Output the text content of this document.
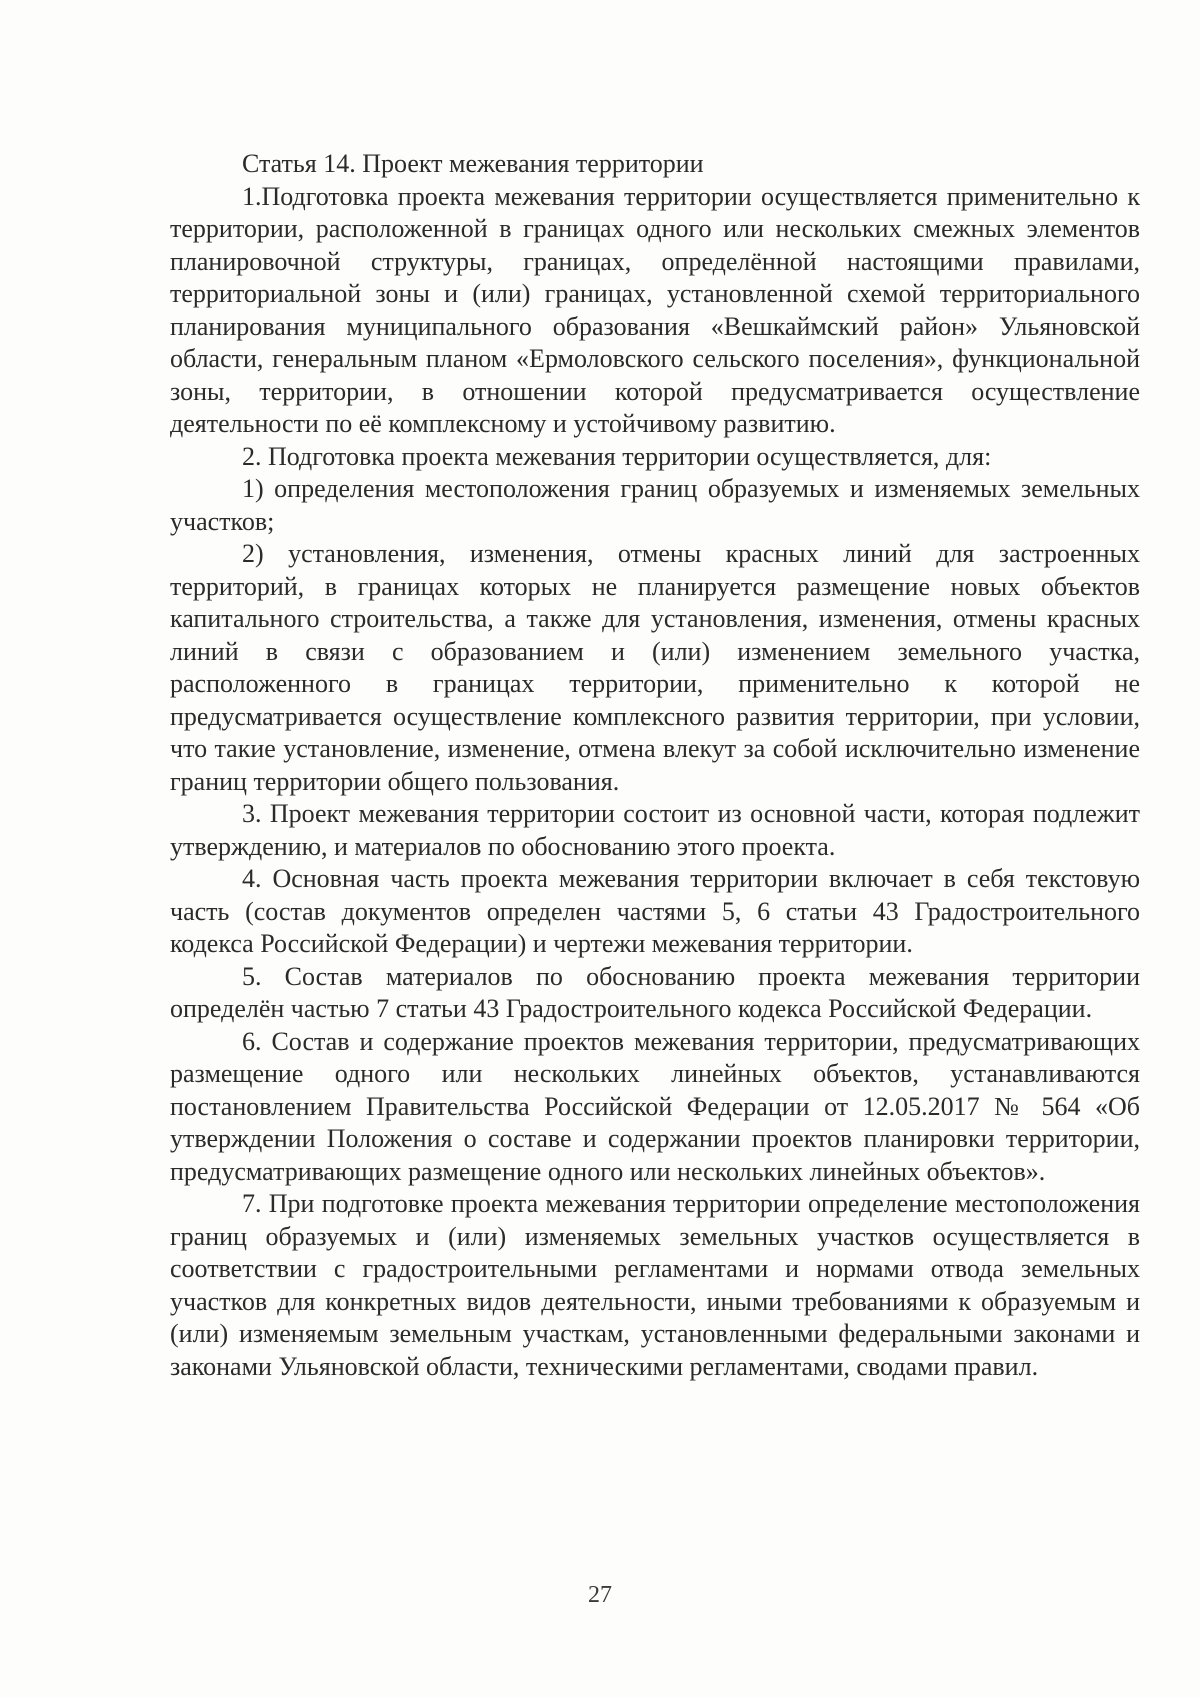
Статья 14. Проект межевания территории

1.Подготовка проекта межевания территории осуществляется применительно к территории, расположенной в границах одного или нескольких смежных элементов планировочной структуры, границах, определённой настоящими правилами, территориальной зоны и (или) границах, установленной схемой территориального планирования муниципального образования «Вешкаймский район» Ульяновской области, генеральным планом «Ермоловского сельского поселения», функциональной зоны, территории, в отношении которой предусматривается осуществление деятельности по её комплексному и устойчивому развитию.

2. Подготовка проекта межевания территории осуществляется, для:

1) определения местоположения границ образуемых и изменяемых земельных участков;

2) установления, изменения, отмены красных линий для застроенных территорий, в границах которых не планируется размещение новых объектов капитального строительства, а также для установления, изменения, отмены красных линий в связи с образованием и (или) изменением земельного участка, расположенного в границах территории, применительно к которой не предусматривается осуществление комплексного развития территории, при условии, что такие установление, изменение, отмена влекут за собой исключительно изменение границ территории общего пользования.

3. Проект межевания территории состоит из основной части, которая подлежит утверждению, и материалов по обоснованию этого проекта.

4. Основная часть проекта межевания территории включает в себя текстовую часть (состав документов определен частями 5, 6 статьи 43 Градостроительного кодекса Российской Федерации) и чертежи межевания территории.

5. Состав материалов по обоснованию проекта межевания территории определён частью 7 статьи 43 Градостроительного кодекса Российской Федерации.

6. Состав и содержание проектов межевания территории, предусматривающих размещение одного или нескольких линейных объектов, устанавливаются постановлением Правительства Российской Федерации от 12.05.2017 № 564 «Об утверждении Положения о составе и содержании проектов планировки территории, предусматривающих размещение одного или нескольких линейных объектов».

7. При подготовке проекта межевания территории определение местоположения границ образуемых и (или) изменяемых земельных участков осуществляется в соответствии с градостроительными регламентами и нормами отвода земельных участков для конкретных видов деятельности, иными требованиями к образуемым и (или) изменяемым земельным участкам, установленными федеральными законами и законами Ульяновской области, техническими регламентами, сводами правил.

27
